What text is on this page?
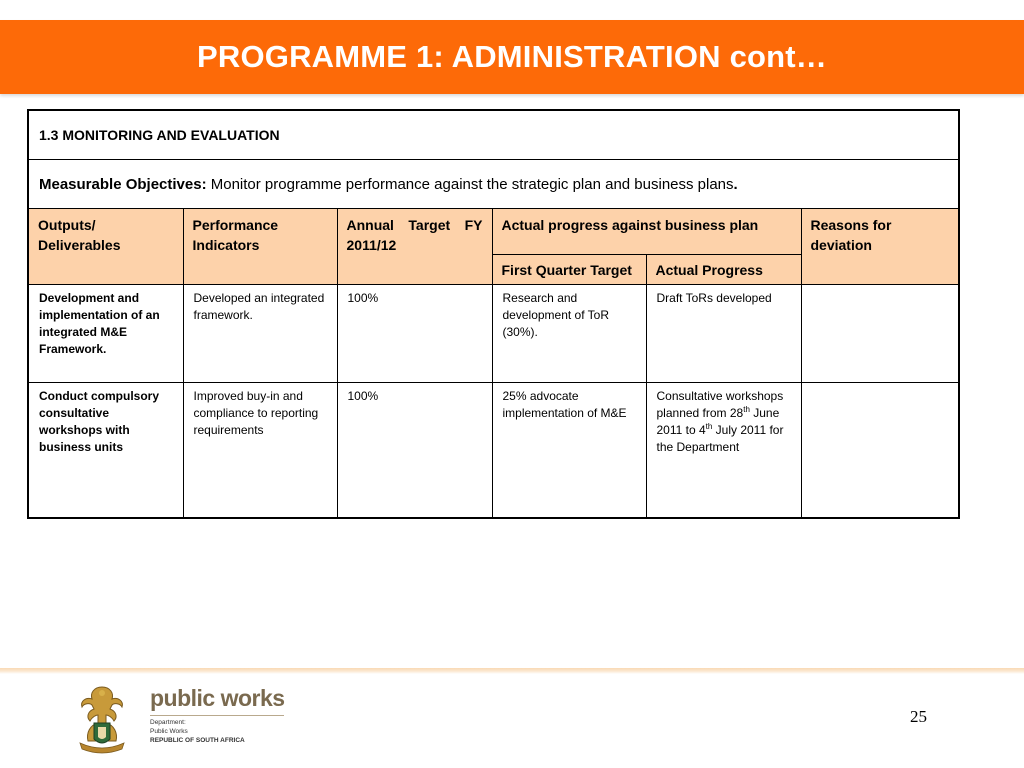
PROGRAMME 1: ADMINISTRATION cont…
1.3 MONITORING AND EVALUATION					
Measurable Objectives: Monitor programme performance against the strategic plan and business plans.					
Outputs/ Deliverables	Performance Indicators	Annual Target FY 2011/12	Actual progress against business plan		Reasons for deviation
			First Quarter Target	Actual Progress	
Development and implementation of an integrated M&E Framework.	Developed an integrated framework.	100%	Research and development of ToR (30%).	Draft ToRs developed	
Conduct compulsory consultative workshops with business units	Improved buy-in and compliance to reporting requirements	100%	25% advocate implementation of M&E	Consultative workshops planned from 28th June 2011 to 4th July 2011 for the Department	
public works
Department:
Public Works
REPUBLIC OF SOUTH AFRICA
25
